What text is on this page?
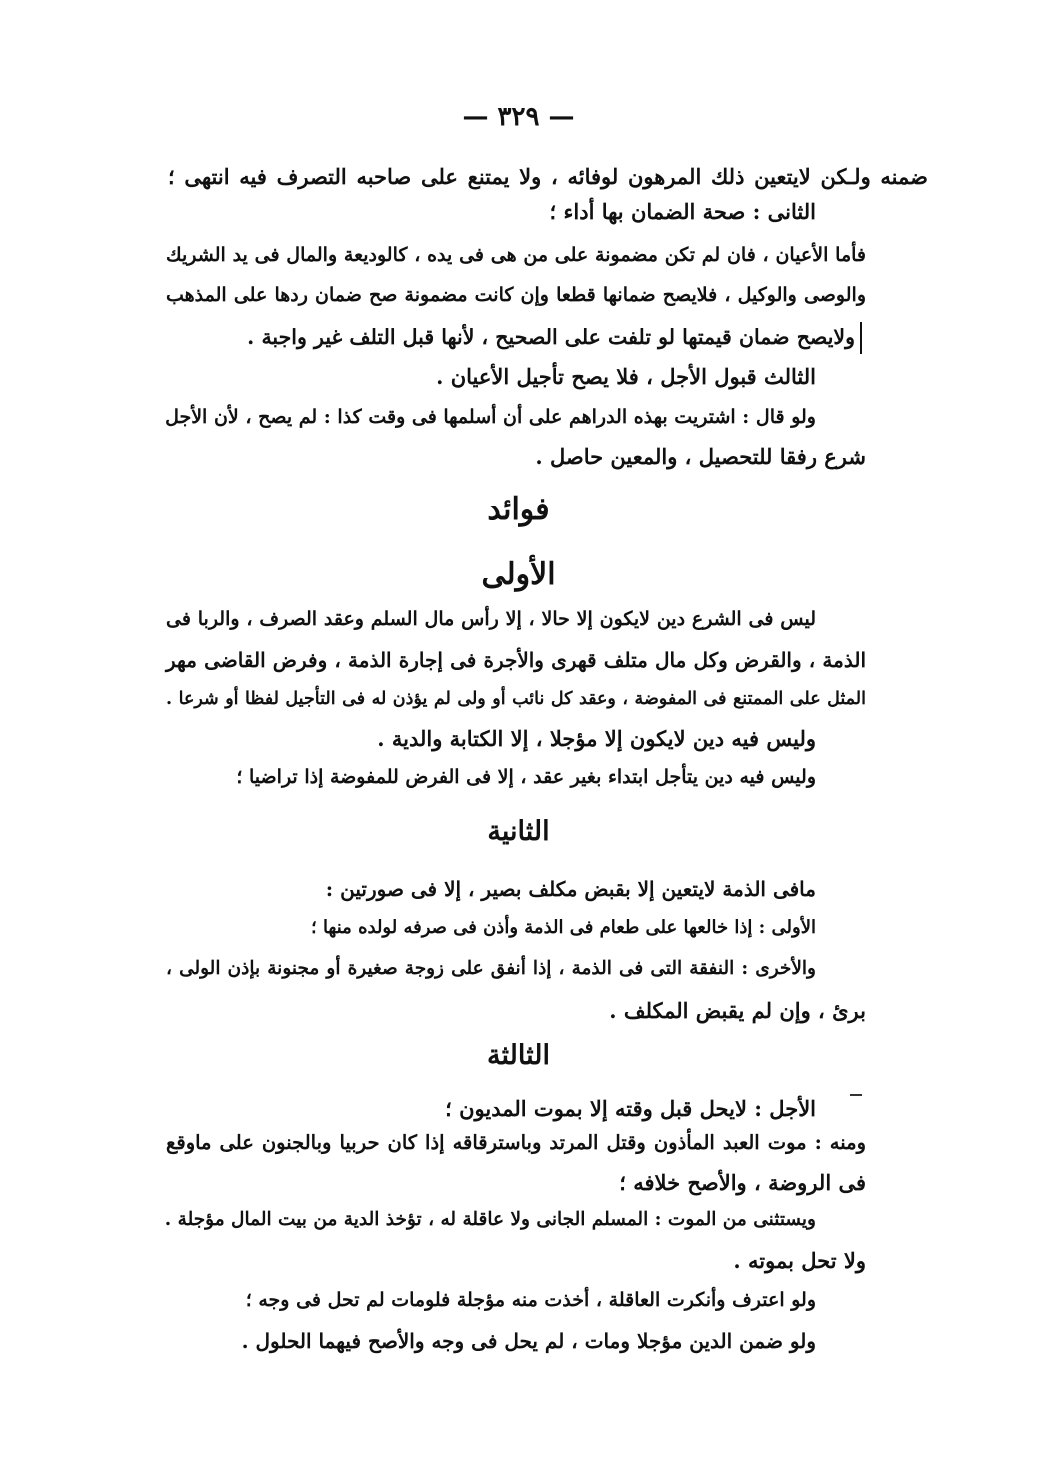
— ٣٢٩ —
ضمنه ولـكن لايتعين ذلك المرهون لوفائه ، ولا يمتنع على صاحبه التصرف فيه انتهى ؛
الثانى : صحة الضمان بها أداء ؛
فأما الأعيان ، فان لم تكن مضمونة على من هى فى يده ، كالوديعة والمال فى يد الشريك
والوصى والوكيل ، فلايصح ضمانها قطعا وإن كانت مضمونة صح ضمان ردها على المذهب
ولايصح ضمان قيمتها لو تلفت على الصحيح ، لأنها قبل التلف غير واجبة .
الثالث قبول الأجل ، فلا يصح تأجيل الأعيان .
ولو قال : اشتريت بهذه الدراهم على أن أسلمها فى وقت كذا : لم يصح ، لأن الأجل
شرع رفقا للتحصيل ، والمعين حاصل .
فوائد
الأولى
ليس فى الشرع دين لايكون إلا حالا ، إلا رأس مال السلم وعقد الصرف ، والربا فى
الذمة ، والقرض وكل مال متلف قهرى والأجرة فى إجارة الذمة ، وفرض القاضى مهر
المثل على الممتنع فى المفوضة ، وعقد كل نائب أو ولى لم يؤذن له فى التأجيل لفظا أو شرعا .
وليس فيه دين لايكون إلا مؤجلا ، إلا الكتابة والدية .
وليس فيه دين يتأجل ابتداء بغير عقد ، إلا فى الفرض للمفوضة إذا تراضيا ؛
الثانية
مافى الذمة لايتعين إلا بقبض مكلف بصير ، إلا فى صورتين :
الأولى : إذا خالعها على طعام فى الذمة وأذن فى صرفه لولده منها ؛
والأخرى : النفقة التى فى الذمة ، إذا أنفق على زوجة صغيرة أو مجنونة بإذن الولى ،
برئ ، وإن لم يقبض المكلف .
الثالثة
الأجل : لايحل قبل وقته إلا بموت المديون ؛
ومنه : موت العبد المأذون وقتل المرتد وباسترقاقه إذا كان حربيا وبالجنون على ماوقع
فى الروضة ، والأصح خلافه ؛
ويستثنى من الموت : المسلم الجانى ولا عاقلة له ، تؤخذ الدية من بيت المال مؤجلة .
ولا تحل بموته .
ولو اعترف وأنكرت العاقلة ، أخذت منه مؤجلة فلومات لم تحل فى وجه ؛
ولو ضمن الدين مؤجلا ومات ، لم يحل فى وجه والأصح فيهما الحلول .
